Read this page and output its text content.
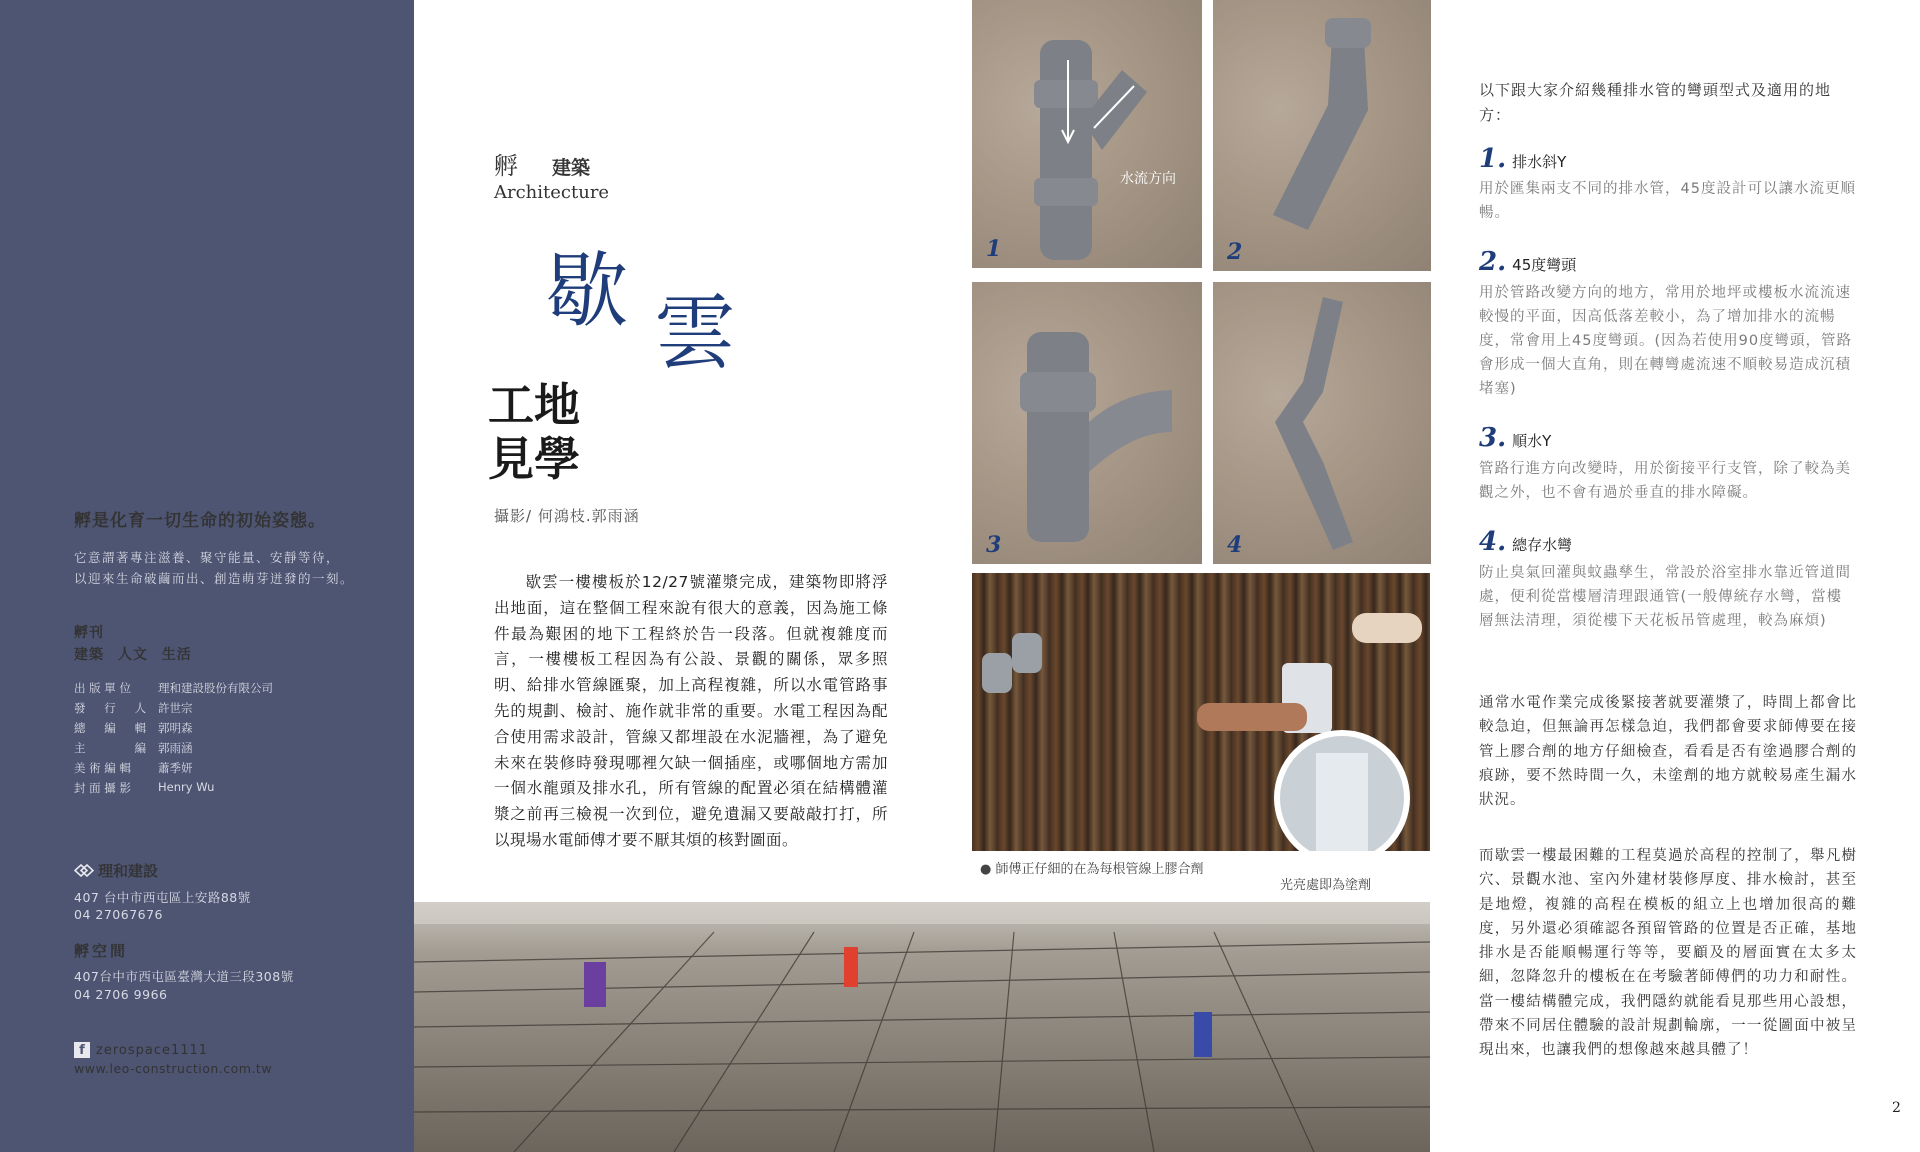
孵是化育一切生命的初始姿態。
它意謂著專注滋養、聚守能量、安靜等待，
以迎來生命破繭而出、創造萌芽迸發的一刻。
孵刊
建築 人文 生活
出 版 單 位	理和建設股份有限公司
發 　 行 　 人	許世宗
總 　 編 　 輯	郭明森
主 　 　 　 編	郭雨涵
美 術 編 輯	蕭季妍
封 面 攝 影	Henry Wu
理和建設
407 台中市西屯區上安路88號
04 27067676
孵空間
407台中市西屯區臺灣大道三段308號
04 2706 9966
f zerospace1111
www.leo-construction.com.tw
孵 建築
Architecture
歇 雲
工地見學
攝影/ 何鴻枝.郭雨涵
歇雲一樓樓板於12/27號灌漿完成，建築物即將浮出地面，這在整個工程來說有很大的意義，因為施工條件最為艱困的地下工程終於告一段落。但就複雜度而言，一樓樓板工程因為有公設、景觀的關係，眾多照明、給排水管線匯聚，加上高程複雜，所以水電管路事先的規劃、檢討、施作就非常的重要。水電工程因為配合使用需求設計，管線又都埋設在水泥牆裡，為了避免未來在裝修時發現哪裡欠缺一個插座，或哪個地方需加一個水龍頭及排水孔，所有管線的配置必須在結構體灌漿之前再三檢視一次到位，避免遺漏又要敲敲打打，所以現場水電師傅才要不厭其煩的核對圖面。
水流方向
1	2
3	4
● 師傅正仔細的在為每根管線上膠合劑
光亮處即為塗劑
以下跟大家介紹幾種排水管的彎頭型式及適用的地方：
1. 排水斜Y
用於匯集兩支不同的排水管，45度設計可以讓水流更順暢。
2. 45度彎頭
用於管路改變方向的地方，常用於地坪或樓板水流流速較慢的平面，因高低落差較小，為了增加排水的流暢度，常會用上45度彎頭。(因為若使用90度彎頭，管路會形成一個大直角，則在轉彎處流速不順較易造成沉積堵塞)
3. 順水Y
管路行進方向改變時，用於銜接平行支管，除了較為美觀之外，也不會有過於垂直的排水障礙。
4. 總存水彎
防止臭氣回灌與蚊蟲孳生，常設於浴室排水靠近管道間處，便利從當樓層清理跟通管(一般傳統存水彎，當樓層無法清理，須從樓下天花板吊管處理，較為麻煩)
通常水電作業完成後緊接著就要灌漿了，時間上都會比較急迫，但無論再怎樣急迫，我們都會要求師傅要在接管上膠合劑的地方仔細檢查，看看是否有塗過膠合劑的痕跡，要不然時間一久，未塗劑的地方就較易產生漏水狀況。
而歇雲一樓最困難的工程莫過於高程的控制了，舉凡樹穴、景觀水池、室內外建材裝修厚度、排水檢討，甚至是地燈，複雜的高程在模板的組立上也增加很高的難度，另外還必須確認各預留管路的位置是否正確，基地排水是否能順暢運行等等，要顧及的層面實在太多太細，忽降忽升的樓板在在考驗著師傅們的功力和耐性。當一樓結構體完成，我們隱約就能看見那些用心設想，帶來不同居住體驗的設計規劃輪廓，一一從圖面中被呈現出來，也讓我們的想像越來越具體了！
2
